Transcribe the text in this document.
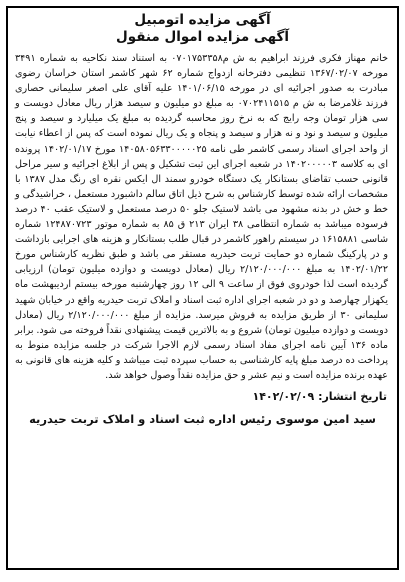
آگهی مزایده اتومبیل
آگهی مزایده اموال منقول

خانم مهناز فکری فرزند ابراهیم به ش م۰۷۰۱۷۵۳۳۵۸ به استناد سند نکاحیه به شماره ۳۴۹۱ مورخه ۱۳۶۷/۰۲/۰۷ تنظیمی دفترخانه ازدواج شماره ۶۲ شهر کاشمر استان خراسان رضوی مبادرت به صدور اجرائیه ای در مورخه ۱۴۰۱/۰۶/۱۵ علیه آقای علی اصغر سلیمانی حصاری فرزند غلامرضا به ش م ۰۷۰۲۴۱۱۵۱۵ به مبلغ دو میلیون و سیصد هزار ریال معادل دویست و سی هزار تومان وجه رایج که به نرخ روز محاسبه گردیده به مبلغ یک میلیارد و سیصد و پنج میلیون و سیصد و نود و نه هزار و سیصد و پنجاه و یک ریال نموده است که پس از اعطاء نیابت از واحد اجرای اسناد رسمی کاشمر طی نامه ۱۴۰۵۸۰۵۶۳۳۰۰۰۰۰۲۵ مورخ ۱۴۰۲/۰۱/۱۷ پرونده ای به کلاسه ۱۴۰۲۰۰۰۰۰۳ در شعبه اجرای این ثبت تشکیل و پس از ابلاغ اجرائیه و سیر مراحل قانونی حسب تقاضای بستانکار یک دستگاه خودرو سمند ال ایکس نقره ای رنگ مدل ۱۳۸۷ با مشخصات ارائه شده توسط کارشناس به شرح ذیل اتاق سالم داشبورد مستعمل ، خراشیدگی و خط و خش در بدنه مشهود می باشد لاستیک جلو ۵۰ درصد مستعمل و لاستیک عقب ۴۰ درصد فرسوده میباشد به شماره انتظامی ۳۸ ایران ۲۱۳ ق ۸۵ به شماره موتور ۱۲۴۸۷۰۷۲۳ شماره شاسی ۱۶۱۵۸۸۱ در سیستم راهور کاشمر در قبال طلب بستانکار و هزینه های اجرایی بازداشت و در پارکینگ شماره دو حمایت تربت حیدریه مستقر می باشد و طبق نظریه کارشناس مورخ ۱۴۰۲/۰۱/۲۲ به مبلغ ۲/۱۲۰/۰۰۰/۰۰۰ ریال (معادل دویست و دوازده میلیون تومان) ارزیابی گردیده است لذا خودروی فوق از ساعت ۹ الی ۱۲ روز چهارشنبه مورخه بیستم اردیبهشت ماه یکهزار چهارصد و دو در شعبه اجرای اداره ثبت اسناد و املاک تربت حیدریه واقع در خیابان شهید سلیمانی ۳۰ از طریق مزایده به فروش میرسد. مزایده از مبلغ ۲/۱۲۰/۰۰۰/۰۰۰ ریال (معادل دویست و دوازده میلیون تومان) شروع و به بالاترین قیمت پیشنهادی نقداً فروخته می شود. برابر ماده ۱۳۶ آیین نامه اجرای مفاد اسناد رسمی لازم الاجرا شرکت در جلسه مزایده منوط به پرداخت ده درصد مبلغ پایه کارشناسی به حساب سپرده ثبت میباشد و کلیه هزینه های قانونی به عهده برنده مزایده است و نیم عشر و حق مزایده نقداً وصول خواهد شد.

تاریخ انتشار: ۱۴۰۲/۰۲/۰۹

سید امین موسوی رئیس اداره ثبت اسناد و املاک تربت حیدریه
